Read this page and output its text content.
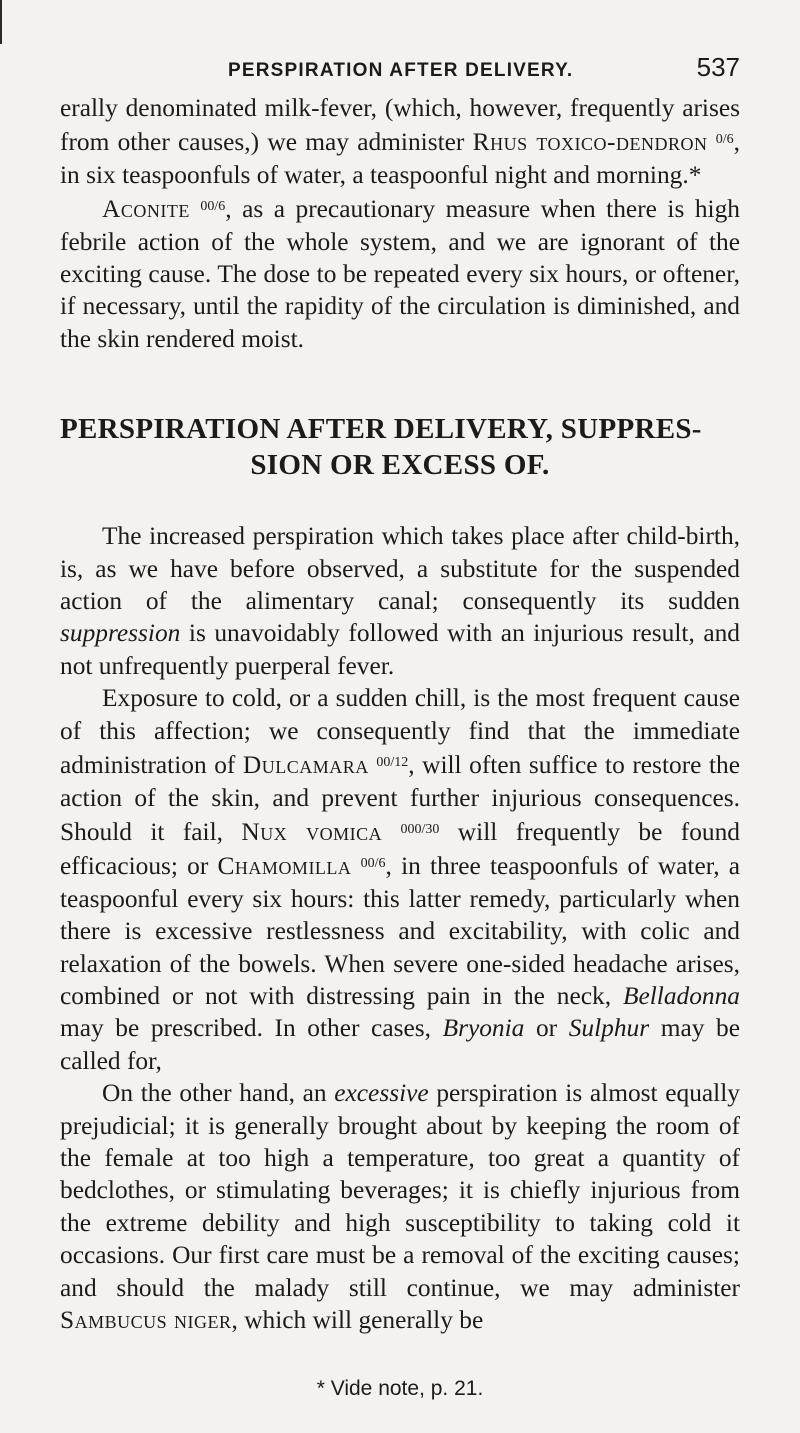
PERSPIRATION AFTER DELIVERY.	537

erally denominated milk-fever, (which, however, frequently arises from other causes,) we may administer Rhus toxico-dendron $^{0/6}$, in six teaspoonfuls of water, a teaspoonful night and morning.*

Aconite $^{00/6}$, as a precautionary measure when there is high febrile action of the whole system, and we are ignorant of the exciting cause. The dose to be repeated every six hours, or oftener, if necessary, until the rapidity of the circulation is diminished, and the skin rendered moist.

PERSPIRATION AFTER DELIVERY, SUPPRES-
SION OR EXCESS OF.

The increased perspiration which takes place after child-birth, is, as we have before observed, a substitute for the suspended action of the alimentary canal; consequently its sudden suppression is unavoidably followed with an injurious result, and not unfrequently puerperal fever.

Exposure to cold, or a sudden chill, is the most frequent cause of this affection; we consequently find that the immediate administration of Dulcamara $^{00/12}$, will often suffice to restore the action of the skin, and prevent further injurious consequences. Should it fail, Nux vomica $^{000/30}$ will frequently be found efficacious; or Chamomilla $^{00/6}$, in three teaspoonfuls of water, a teaspoonful every six hours: this latter remedy, particularly when there is excessive restlessness and excitability, with colic and relaxation of the bowels. When severe one-sided headache arises, combined or not with distressing pain in the neck, Belladonna may be prescribed. In other cases, Bryonia or Sulphur may be called for,

On the other hand, an excessive perspiration is almost equally prejudicial; it is generally brought about by keeping the room of the female at too high a temperature, too great a quantity of bedclothes, or stimulating beverages; it is chiefly injurious from the extreme debility and high susceptibility to taking cold it occasions. Our first care must be a removal of the exciting causes; and should the malady still continue, we may administer Sambucus niger, which will generally be

* Vide note, p. 21.
